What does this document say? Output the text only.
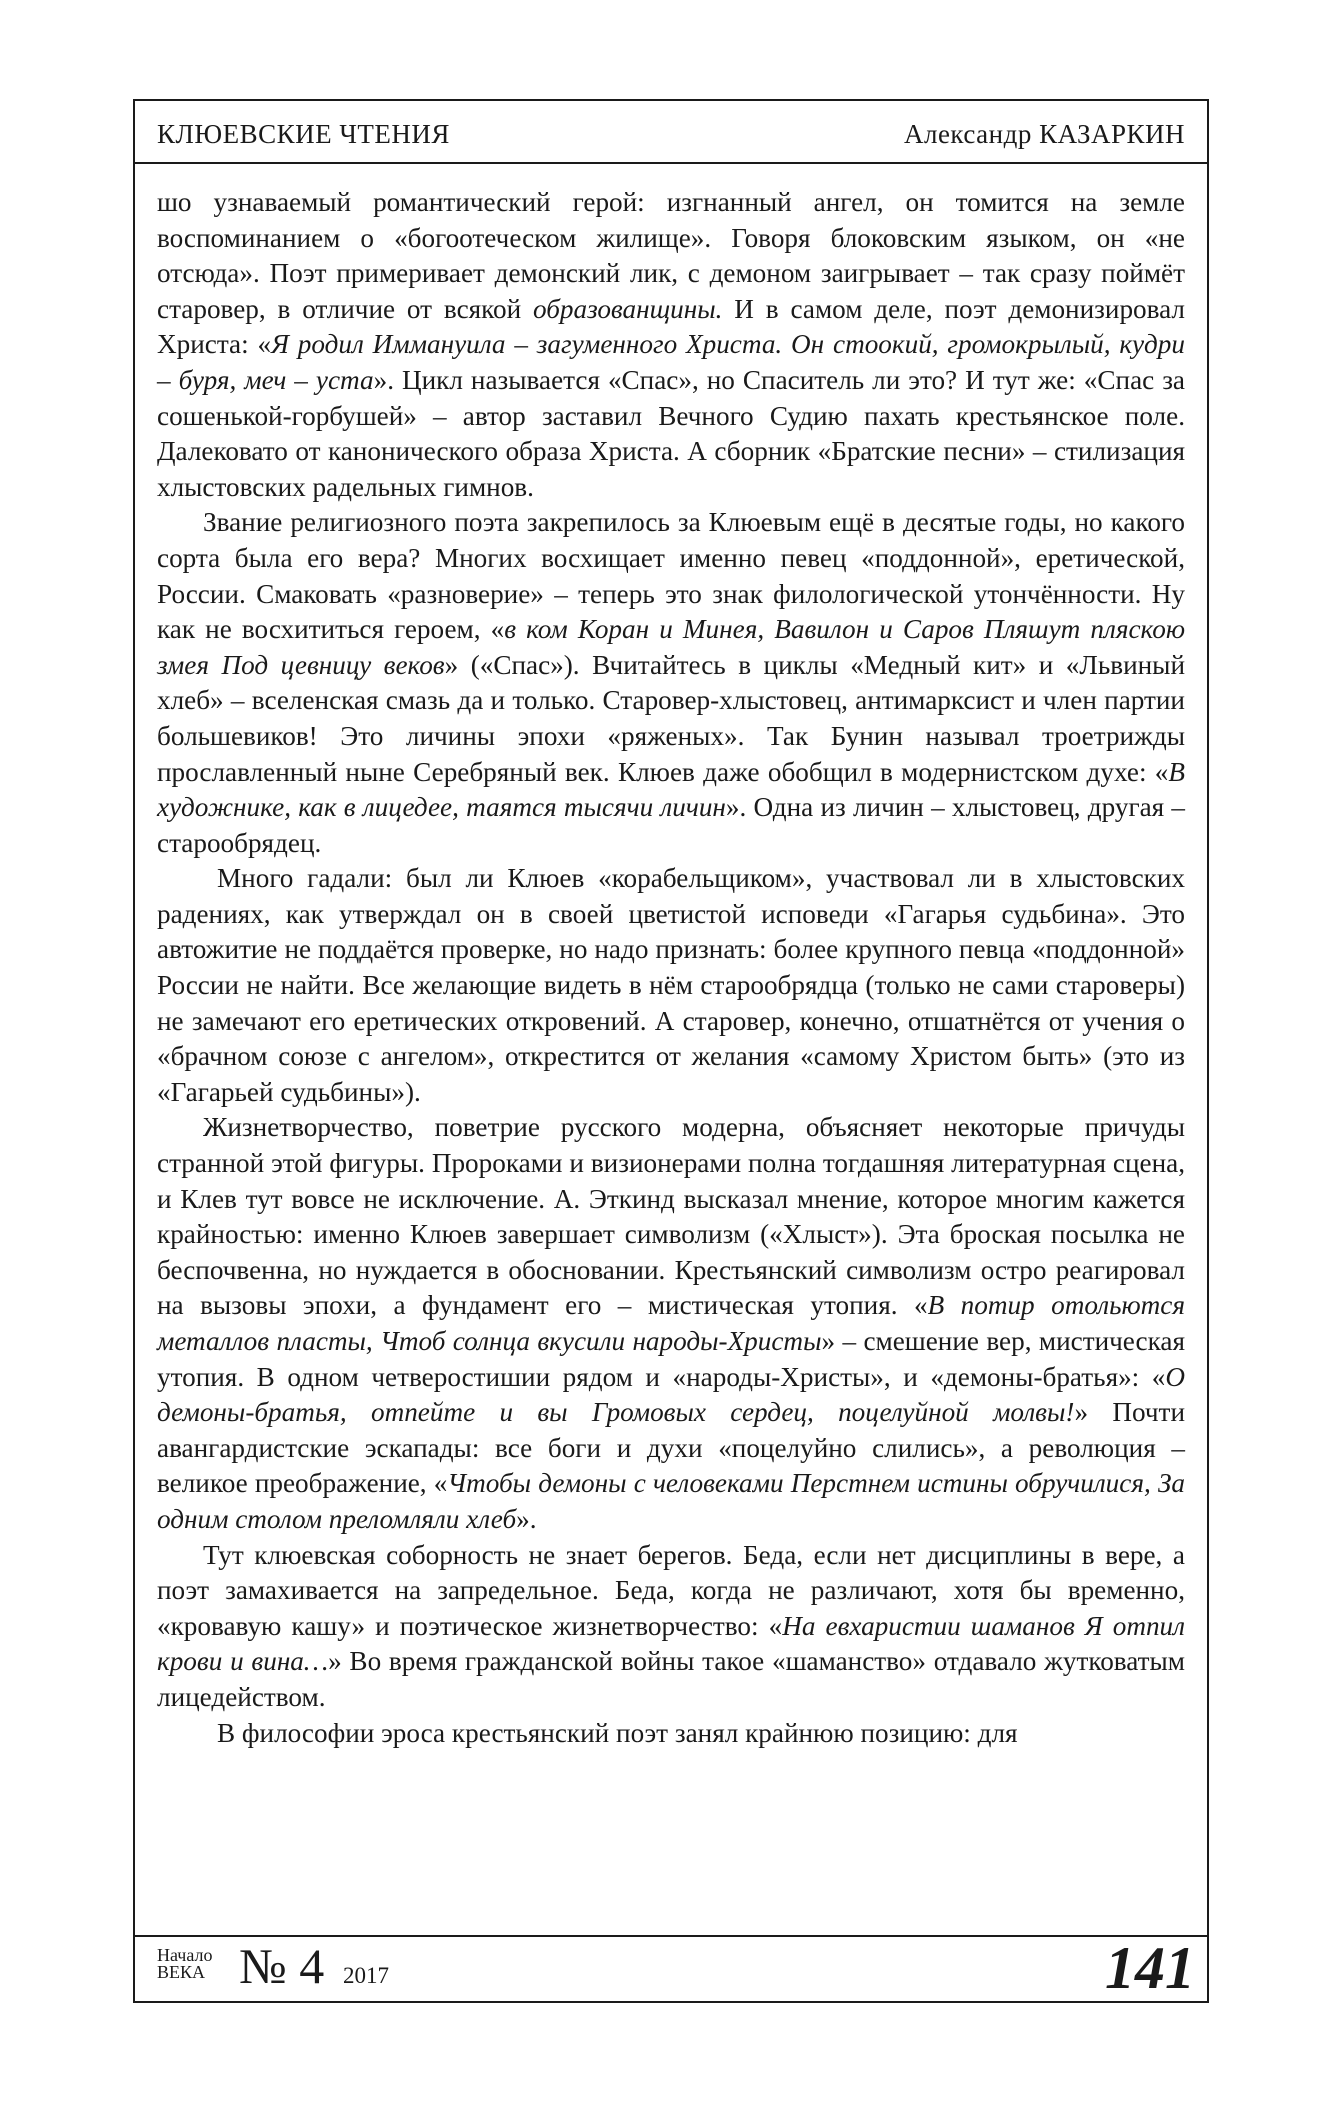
КЛЮЕВСКИЕ ЧТЕНИЯ	Александр КАЗАРКИН

шо узнаваемый романтический герой: изгнанный ангел, он томится на земле воспоминанием о «богоотеческом жилище». Говоря блоковским языком, он «не отсюда». Поэт примеривает демонский лик, с демоном заигрывает – так сразу поймёт старовер, в отличие от всякой образованщины. И в самом деле, поэт демонизировал Христа: «Я родил Иммануила – загуменного Христа. Он стоокий, громокрылый, кудри – буря, меч – уста». Цикл называется «Спас», но Спаситель ли это? И тут же: «Спас за сошенькой-горбушей» – автор заставил Вечного Судию пахать крестьянское поле. Далековато от канонического образа Христа. А сборник «Братские песни» – стилизация хлыстовских радельных гимнов.

Звание религиозного поэта закрепилось за Клюевым ещё в десятые годы, но какого сорта была его вера? Многих восхищает именно певец «поддонной», еретической, России. Смаковать «разноверие» – теперь это знак филологической утончённости. Ну как не восхититься героем, «в ком Коран и Минея, Вавилон и Саров Пляшут пляскою змея Под цевницу веков» («Спас»). Вчитайтесь в циклы «Медный кит» и «Львиный хлеб» – вселенская смазь да и только. Старовер-хлыстовец, антимарксист и член партии большевиков! Это личины эпохи «ряженых». Так Бунин называл троетрижды прославленный ныне Серебряный век. Клюев даже обобщил в модернистском духе: «В художнике, как в лицедее, таятся тысячи личин». Одна из личин – хлыстовец, другая – старообрядец.

Много гадали: был ли Клюев «корабельщиком», участвовал ли в хлыстовских радениях, как утверждал он в своей цветистой исповеди «Гагарья судьбина». Это автожитие не поддаётся проверке, но надо признать: более крупного певца «поддонной» России не найти. Все желающие видеть в нём старообрядца (только не сами староверы) не замечают его еретических откровений. А старовер, конечно, отшатнётся от учения о «брачном союзе с ангелом», открестится от желания «самому Христом быть» (это из «Гагарьей судьбины»).

Жизнетворчество, поветрие русского модерна, объясняет некоторые причуды странной этой фигуры. Пророками и визионерами полна тогдашняя литературная сцена, и Клев тут вовсе не исключение. А. Эткинд высказал мнение, которое многим кажется крайностью: именно Клюев завершает символизм («Хлыст»). Эта броская посылка не беспочвенна, но нуждается в обосновании. Крестьянский символизм остро реагировал на вызовы эпохи, а фундамент его – мистическая утопия. «В потир отольются металлов пласты, Чтоб солнца вкусили народы-Христы» – смешение вер, мистическая утопия. В одном четверостишии рядом и «народы-Христы», и «демоны-братья»: «О демоны-братья, отпейте и вы Громовых сердец, поцелуйной молвы!» Почти авангардистские эскапады: все боги и духи «поцелуйно слились», а революция – великое преображение, «Чтобы демоны с человеками Перстнем истины обручилися, За одним столом преломляли хлеб».

Тут клюевская соборность не знает берегов. Беда, если нет дисциплины в вере, а поэт замахивается на запредельное. Беда, когда не различают, хотя бы временно, «кровавую кашу» и поэтическое жизнетворчество: «На евхаристии шаманов Я отпил крови и вина…» Во время гражданской войны такое «шаманство» отдавало жутковатым лицедейством.

В философии эроса крестьянский поэт занял крайнюю позицию: для

Начало
ВЕКА № 4 2017	141
